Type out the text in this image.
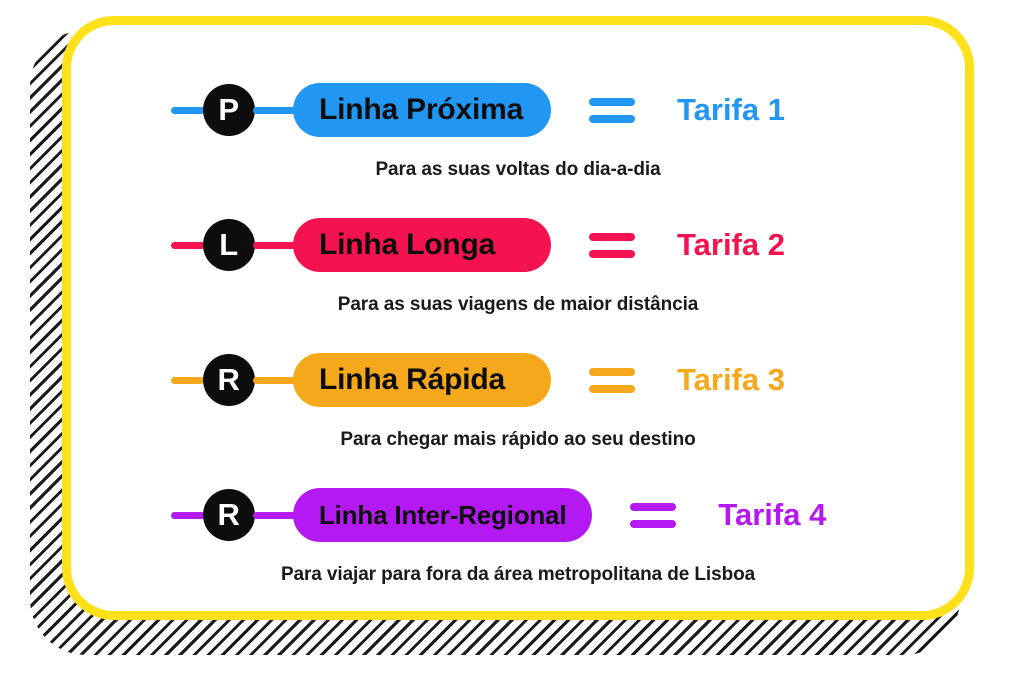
P	Linha Próxima	Tarifa 1
Para as suas voltas do dia-a-dia
L	Linha Longa	Tarifa 2
Para as suas viagens de maior distância
R	Linha Rápida	Tarifa 3
Para chegar mais rápido ao seu destino
R	Linha Inter-Regional	Tarifa 4
Para viajar para fora da área metropolitana de Lisboa
